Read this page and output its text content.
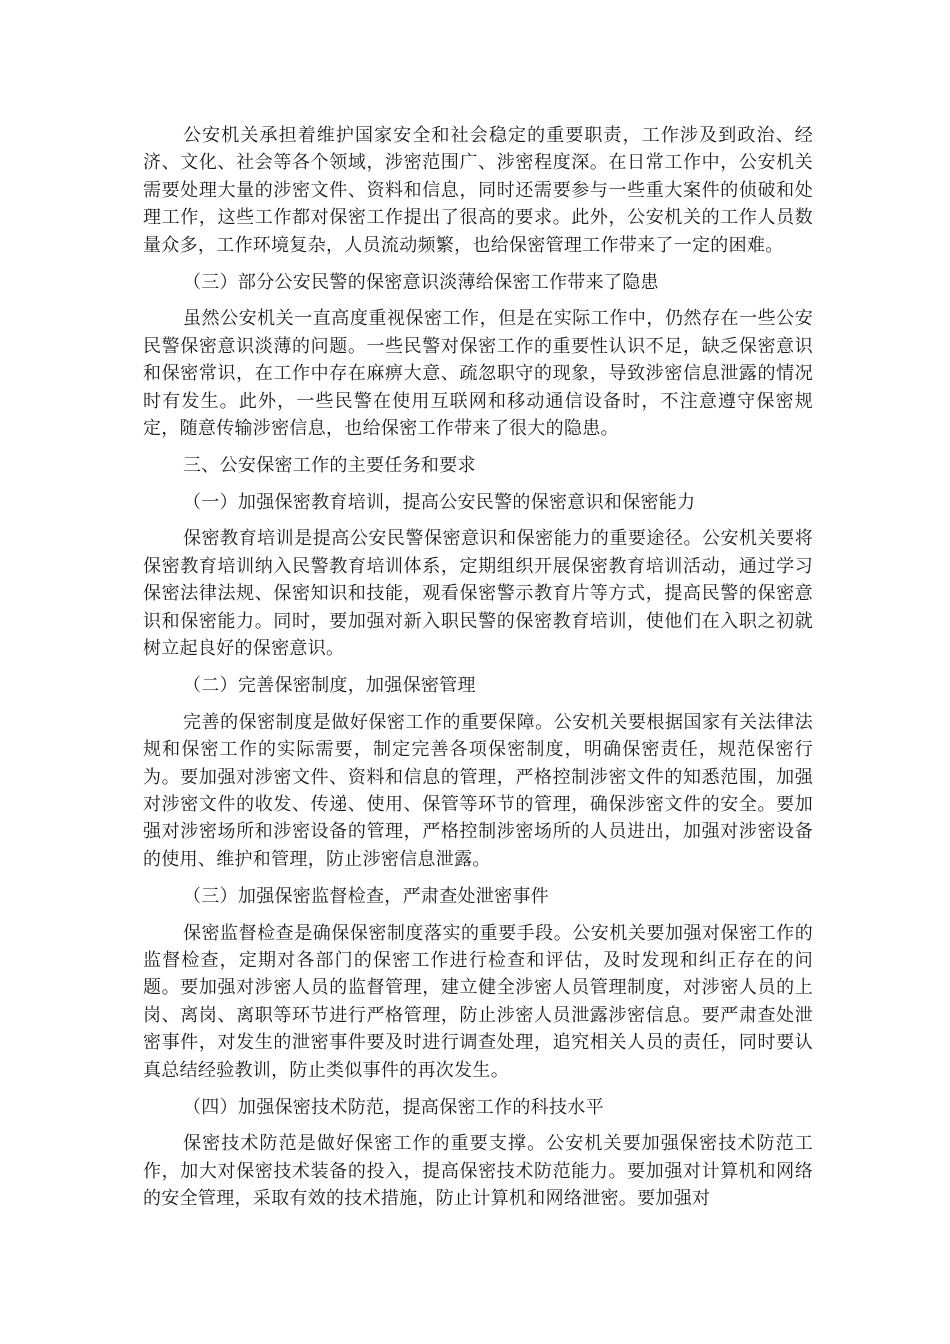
公安机关承担着维护国家安全和社会稳定的重要职责，工作涉及到政治、经济、文化、社会等各个领域，涉密范围广、涉密程度深。在日常工作中，公安机关需要处理大量的涉密文件、资料和信息，同时还需要参与一些重大案件的侦破和处理工作，这些工作都对保密工作提出了很高的要求。此外，公安机关的工作人员数量众多，工作环境复杂，人员流动频繁，也给保密管理工作带来了一定的困难。

（三）部分公安民警的保密意识淡薄给保密工作带来了隐患

虽然公安机关一直高度重视保密工作，但是在实际工作中，仍然存在一些公安民警保密意识淡薄的问题。一些民警对保密工作的重要性认识不足，缺乏保密意识和保密常识，在工作中存在麻痹大意、疏忽职守的现象，导致涉密信息泄露的情况时有发生。此外，一些民警在使用互联网和移动通信设备时，不注意遵守保密规定，随意传输涉密信息，也给保密工作带来了很大的隐患。

三、公安保密工作的主要任务和要求

（一）加强保密教育培训，提高公安民警的保密意识和保密能力

保密教育培训是提高公安民警保密意识和保密能力的重要途径。公安机关要将保密教育培训纳入民警教育培训体系，定期组织开展保密教育培训活动，通过学习保密法律法规、保密知识和技能，观看保密警示教育片等方式，提高民警的保密意识和保密能力。同时，要加强对新入职民警的保密教育培训，使他们在入职之初就树立起良好的保密意识。

（二）完善保密制度，加强保密管理

完善的保密制度是做好保密工作的重要保障。公安机关要根据国家有关法律法规和保密工作的实际需要，制定完善各项保密制度，明确保密责任，规范保密行为。要加强对涉密文件、资料和信息的管理，严格控制涉密文件的知悉范围，加强对涉密文件的收发、传递、使用、保管等环节的管理，确保涉密文件的安全。要加强对涉密场所和涉密设备的管理，严格控制涉密场所的人员进出，加强对涉密设备的使用、维护和管理，防止涉密信息泄露。

（三）加强保密监督检查，严肃查处泄密事件

保密监督检查是确保保密制度落实的重要手段。公安机关要加强对保密工作的监督检查，定期对各部门的保密工作进行检查和评估，及时发现和纠正存在的问题。要加强对涉密人员的监督管理，建立健全涉密人员管理制度，对涉密人员的上岗、离岗、离职等环节进行严格管理，防止涉密人员泄露涉密信息。要严肃查处泄密事件，对发生的泄密事件要及时进行调查处理，追究相关人员的责任，同时要认真总结经验教训，防止类似事件的再次发生。

（四）加强保密技术防范，提高保密工作的科技水平

保密技术防范是做好保密工作的重要支撑。公安机关要加强保密技术防范工作，加大对保密技术装备的投入，提高保密技术防范能力。要加强对计算机和网络的安全管理，采取有效的技术措施，防止计算机和网络泄密。要加强对
